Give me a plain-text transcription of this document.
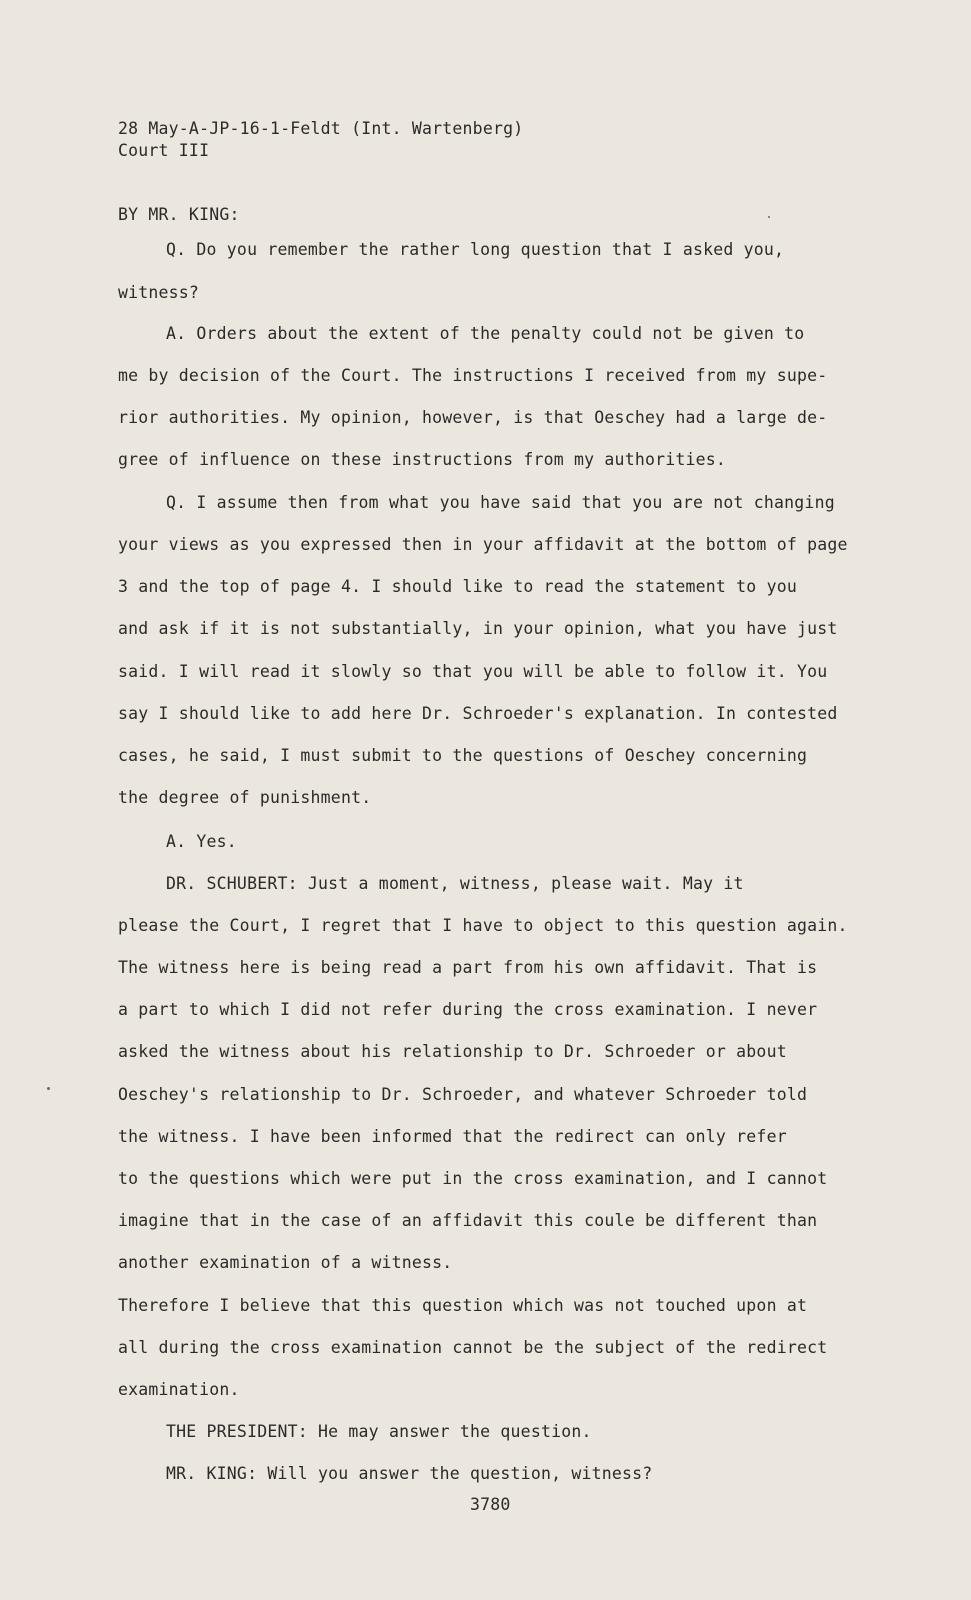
28 May-A-JP-16-1-Feldt (Int. Wartenberg)
Court III
BY MR. KING:
Q. Do you remember the rather long question that I asked you,
witness?
A. Orders about the extent of the penalty could not be given to
me by decision of the Court. The instructions I received from my supe-
rior authorities. My opinion, however, is that Oeschey had a large de-
gree of influence on these instructions from my authorities.
Q. I assume then from what you have said that you are not changing
your views as you expressed then in your affidavit at the bottom of page
3 and the top of page 4. I should like to read the statement to you
and ask if it is not substantially, in your opinion, what you have just
said. I will read it slowly so that you will be able to follow it. You
say I should like to add here Dr. Schroeder's explanation. In contested
cases, he said, I must submit to the questions of Oeschey concerning
the degree of punishment.
A. Yes.
DR. SCHUBERT: Just a moment, witness, please wait. May it
please the Court, I regret that I have to object to this question again.
The witness here is being read a part from his own affidavit. That is
a part to which I did not refer during the cross examination. I never
asked the witness about his relationship to Dr. Schroeder or about
Oeschey's relationship to Dr. Schroeder, and whatever Schroeder told
the witness. I have been informed that the redirect can only refer
to the questions which were put in the cross examination, and I cannot
imagine that in the case of an affidavit this coule be different than
another examination of a witness.
Therefore I believe that this question which was not touched upon at
all during the cross examination cannot be the subject of the redirect
examination.
THE PRESIDENT: He may answer the question.
MR. KING: Will you answer the question, witness?
3780
